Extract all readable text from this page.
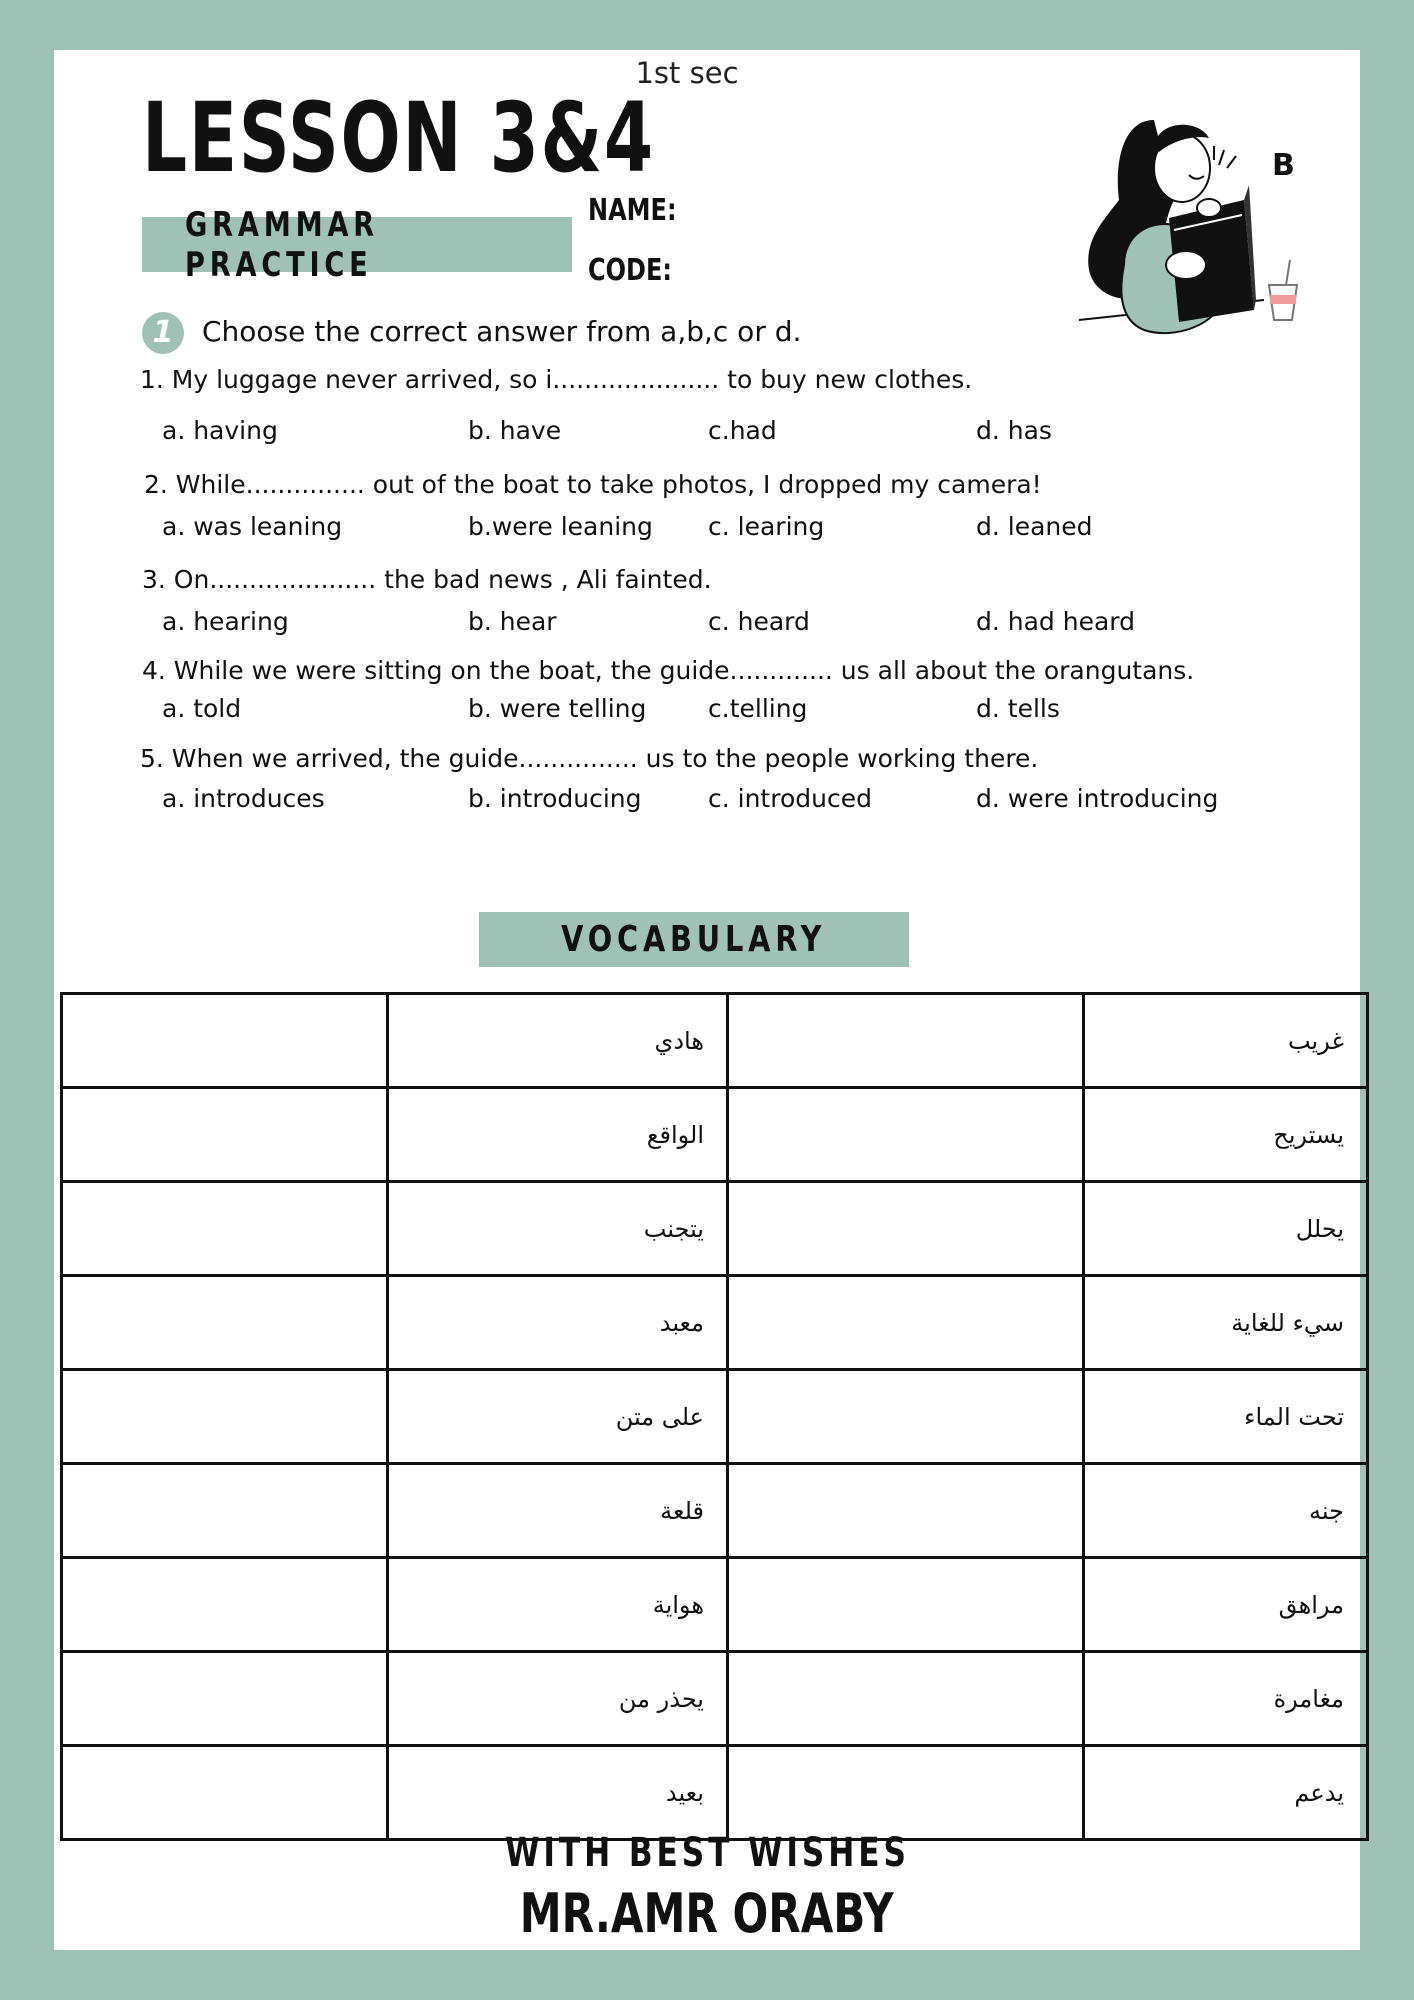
1st sec
LESSON 3&4
GRAMMAR PRACTICE
NAME:
CODE:
B
1	Choose the correct answer from a,b,c or d.
1. My luggage never arrived, so i..................... to buy new clothes.
a. having	b. have	c.had	d. has
2. While............... out of the boat to take photos, I dropped my camera!
a. was leaning	b.were leaning c. learing	d. leaned
3. On..................... the bad news , Ali fainted.
a. hearing	b. hear	c. heard	d. had heard
4. While we were sitting on the boat, the guide............. us all about the orangutans.
a. told	b. were telling c.telling	d. tells
5. When we arrived, the guide............... us to the people working there.
a. introduces	b. introducing	c. introduced	d. were introducing
VOCABULARY
	هادي		غريب
	الواقع		يستريح
	يتجنب		يحلل
	معبد		سيء للغاية
	على متن		تحت الماء
	قلعة		جنه
	هواية		مراهق
	يحذر من		مغامرة
	بعيد		يدعم
WITH BEST WISHES
MR.AMR ORABY
